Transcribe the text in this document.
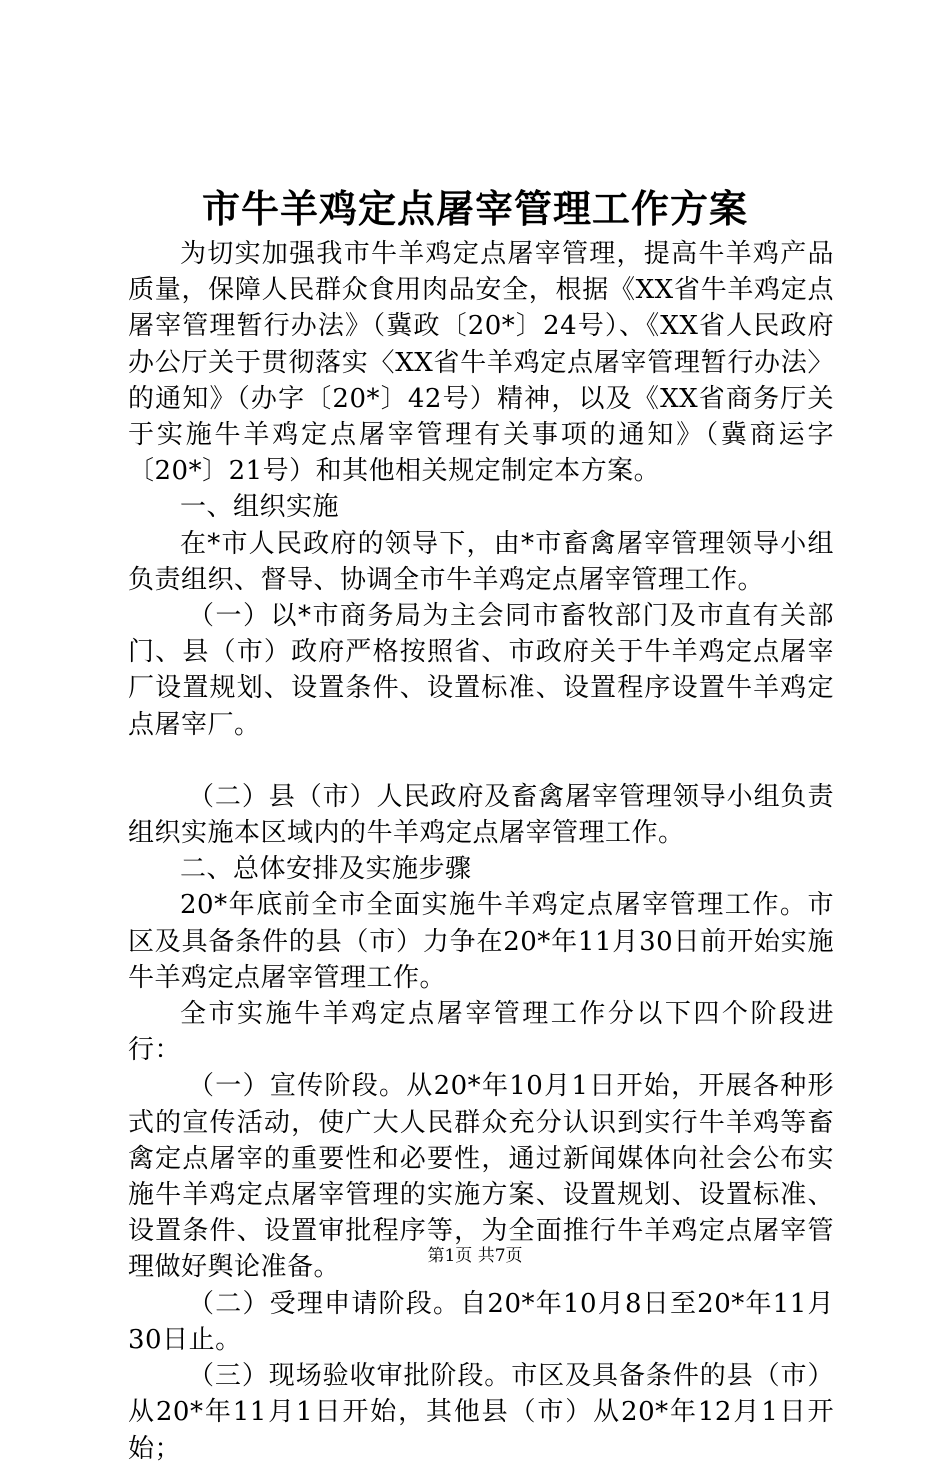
市牛羊鸡定点屠宰管理工作方案

为切实加强我市牛羊鸡定点屠宰管理，提高牛羊鸡产品质量，保障人民群众食用肉品安全，根据《XX省牛羊鸡定点屠宰管理暂行办法》（冀政〔20*〕24号）、《XX省人民政府办公厅关于贯彻落实〈XX省牛羊鸡定点屠宰管理暂行办法〉的通知》（办字〔20*〕42号）精神，以及《XX省商务厅关于实施牛羊鸡定点屠宰管理有关事项的通知》（冀商运字〔20*〕21号）和其他相关规定制定本方案。

一、组织实施

在*市人民政府的领导下，由*市畜禽屠宰管理领导小组负责组织、督导、协调全市牛羊鸡定点屠宰管理工作。

（一）以*市商务局为主会同市畜牧部门及市直有关部门、县（市）政府严格按照省、市政府关于牛羊鸡定点屠宰厂设置规划、设置条件、设置标准、设置程序设置牛羊鸡定点屠宰厂。

（二）县（市）人民政府及畜禽屠宰管理领导小组负责组织实施本区域内的牛羊鸡定点屠宰管理工作。

二、总体安排及实施步骤

20*年底前全市全面实施牛羊鸡定点屠宰管理工作。市区及具备条件的县（市）力争在20*年11月30日前开始实施牛羊鸡定点屠宰管理工作。

全市实施牛羊鸡定点屠宰管理工作分以下四个阶段进行：

（一）宣传阶段。从20*年10月1日开始，开展各种形式的宣传活动，使广大人民群众充分认识到实行牛羊鸡等畜禽定点屠宰的重要性和必要性，通过新闻媒体向社会公布实施牛羊鸡定点屠宰管理的实施方案、设置规划、设置标准、设置条件、设置审批程序等，为全面推行牛羊鸡定点屠宰管理做好舆论准备。

（二）受理申请阶段。自20*年10月8日至20*年11月30日止。

（三）现场验收审批阶段。市区及具备条件的县（市）从20*年11月1日开始，其他县（市）从20*年12月1日开始；

第1页 共7页
